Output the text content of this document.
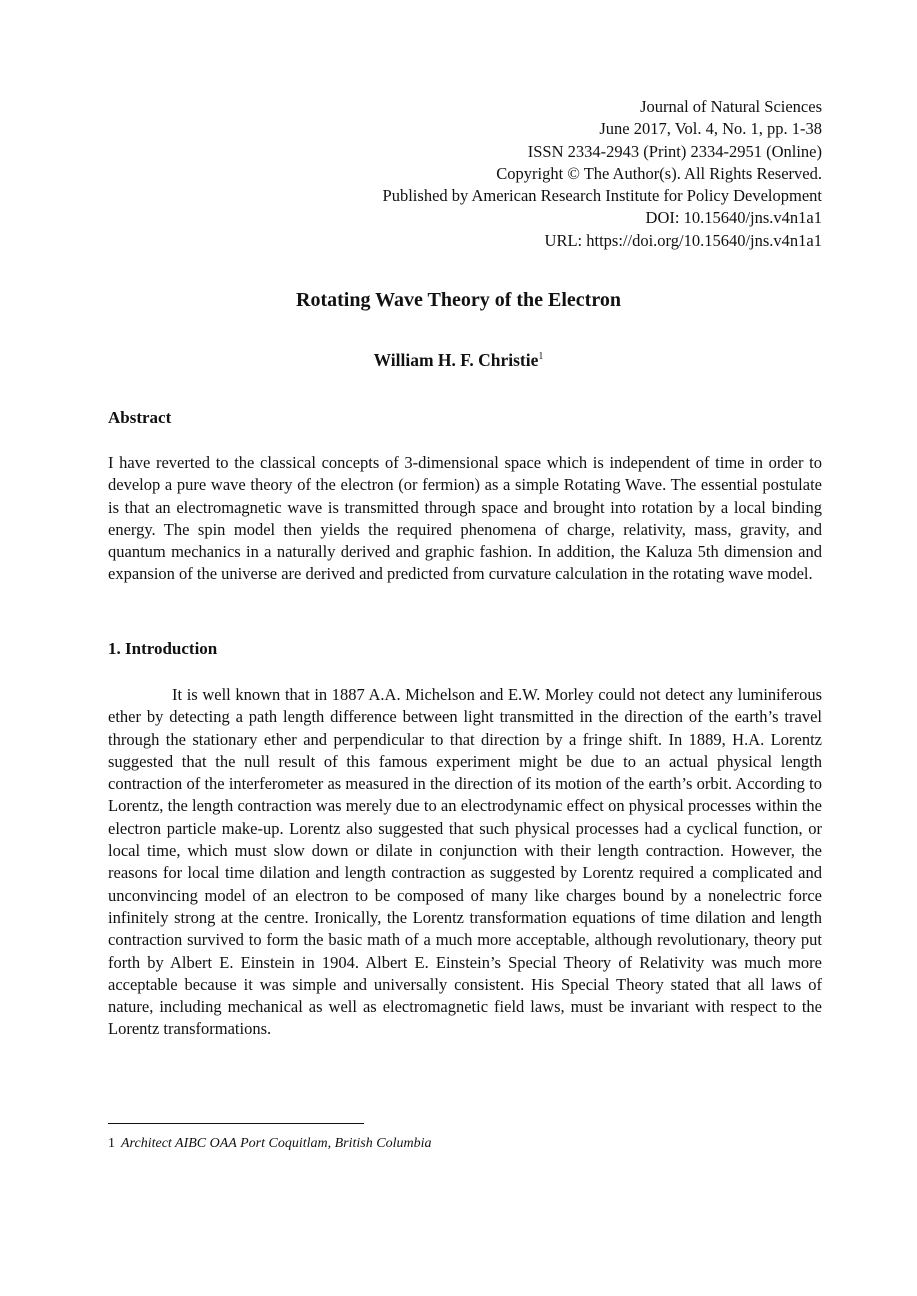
Journal of Natural Sciences
June 2017, Vol. 4, No. 1, pp. 1-38
ISSN 2334-2943 (Print) 2334-2951 (Online)
Copyright © The Author(s). All Rights Reserved.
Published by American Research Institute for Policy Development
DOI: 10.15640/jns.v4n1a1
URL: https://doi.org/10.15640/jns.v4n1a1
Rotating Wave Theory of the Electron
William H. F. Christie$^1$
Abstract

I have reverted to the classical concepts of 3-dimensional space which is independent of time in order to develop a pure wave theory of the electron (or fermion) as a simple Rotating Wave. The essential postulate is that an electromagnetic wave is transmitted through space and brought into rotation by a local binding energy. The spin model then yields the required phenomena of charge, relativity, mass, gravity, and quantum mechanics in a naturally derived and graphic fashion. In addition, the Kaluza 5th dimension and expansion of the universe are derived and predicted from curvature calculation in the rotating wave model.

1. Introduction

It is well known that in 1887 A.A. Michelson and E.W. Morley could not detect any luminiferous ether by detecting a path length difference between light transmitted in the direction of the earth’s travel through the stationary ether and perpendicular to that direction by a fringe shift. In 1889, H.A. Lorentz suggested that the null result of this famous experiment might be due to an actual physical length contraction of the interferometer as measured in the direction of its motion of the earth’s orbit. According to Lorentz, the length contraction was merely due to an electrodynamic effect on physical processes within the electron particle make-up. Lorentz also suggested that such physical processes had a cyclical function, or local time, which must slow down or dilate in conjunction with their length contraction. However, the reasons for local time dilation and length contraction as suggested by Lorentz required a complicated and unconvincing model of an electron to be composed of many like charges bound by a nonelectric force infinitely strong at the centre. Ironically, the Lorentz transformation equations of time dilation and length contraction survived to form the basic math of a much more acceptable, although revolutionary, theory put forth by Albert E. Einstein in 1904. Albert E. Einstein’s Special Theory of Relativity was much more acceptable because it was simple and universally consistent. His Special Theory stated that all laws of nature, including mechanical as well as electromagnetic field laws, must be invariant with respect to the Lorentz transformations.

1 Architect AIBC OAA Port Coquitlam, British Columbia
